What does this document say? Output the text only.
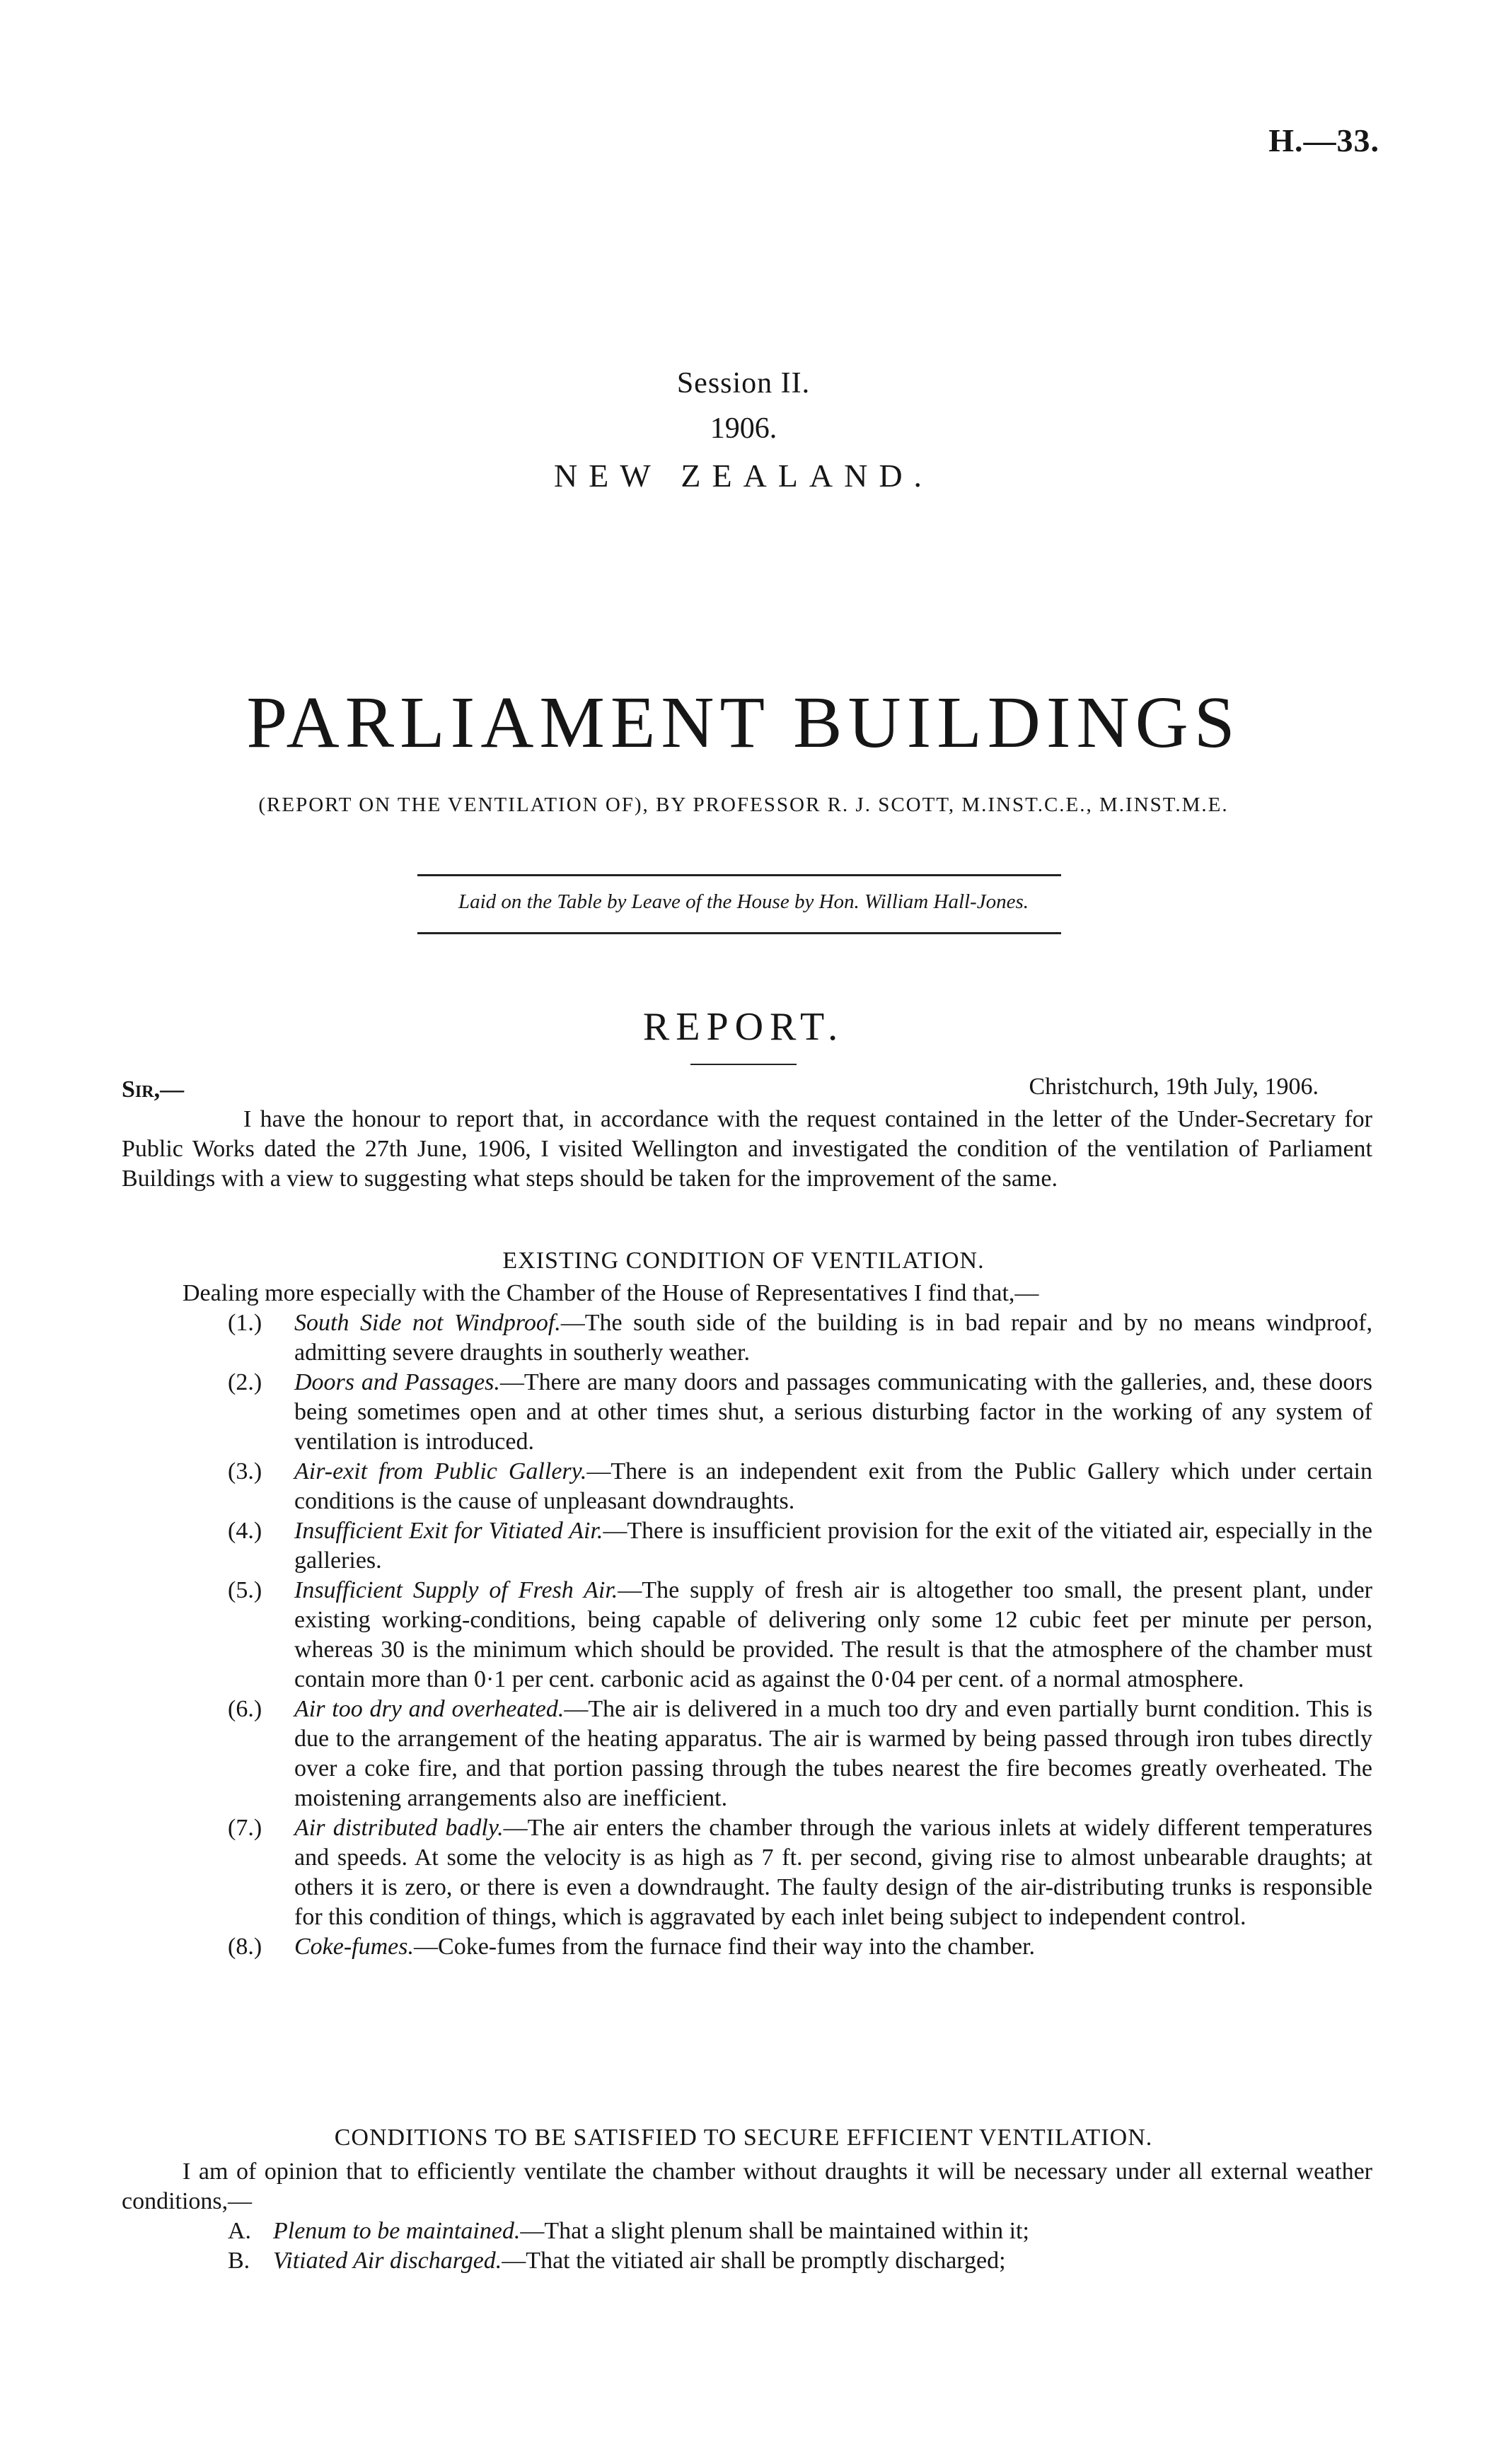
H.—33.
Session II.
1906.
NEW ZEALAND.
PARLIAMENT BUILDINGS
(REPORT ON THE VENTILATION OF), BY PROFESSOR R. J. SCOTT, M.INST.C.E., M.INST.M.E.
Laid on the Table by Leave of the House by Hon. William Hall-Jones.
REPORT.
Sir,—	Christchurch, 19th July, 1906.
I have the honour to report that, in accordance with the request contained in the letter of the Under-Secretary for Public Works dated the 27th June, 1906, I visited Wellington and investigated the condition of the ventilation of Parliament Buildings with a view to suggesting what steps should be taken for the improvement of the same.
EXISTING CONDITION OF VENTILATION.
Dealing more especially with the Chamber of the House of Representatives I find that,—
(1.)	South Side not Windproof.—The south side of the building is in bad repair and by no means windproof, admitting severe draughts in southerly weather.
(2.)	Doors and Passages.—There are many doors and passages communicating with the galleries, and, these doors being sometimes open and at other times shut, a serious disturbing factor in the working of any system of ventilation is introduced.
(3.)	Air-exit from Public Gallery.—There is an independent exit from the Public Gallery which under certain conditions is the cause of unpleasant downdraughts.
(4.)	Insufficient Exit for Vitiated Air.—There is insufficient provision for the exit of the vitiated air, especially in the galleries.
(5.)	Insufficient Supply of Fresh Air.—The supply of fresh air is altogether too small, the present plant, under existing working-conditions, being capable of delivering only some 12 cubic feet per minute per person, whereas 30 is the minimum which should be provided. The result is that the atmosphere of the chamber must contain more than 0·1 per cent. carbonic acid as against the 0·04 per cent. of a normal atmosphere.
(6.)	Air too dry and overheated.—The air is delivered in a much too dry and even partially burnt condition. This is due to the arrangement of the heating apparatus. The air is warmed by being passed through iron tubes directly over a coke fire, and that portion passing through the tubes nearest the fire becomes greatly overheated. The moistening arrangements also are inefficient.
(7.)	Air distributed badly.—The air enters the chamber through the various inlets at widely different temperatures and speeds. At some the velocity is as high as 7 ft. per second, giving rise to almost unbearable draughts; at others it is zero, or there is even a downdraught. The faulty design of the air-distributing trunks is responsible for this condition of things, which is aggravated by each inlet being subject to independent control.
(8.)	Coke-fumes.—Coke-fumes from the furnace find their way into the chamber.
CONDITIONS TO BE SATISFIED TO SECURE EFFICIENT VENTILATION.
I am of opinion that to efficiently ventilate the chamber without draughts it will be necessary under all external weather conditions,—
A. Plenum to be maintained.—That a slight plenum shall be maintained within it;
B. Vitiated Air discharged.—That the vitiated air shall be promptly discharged;
